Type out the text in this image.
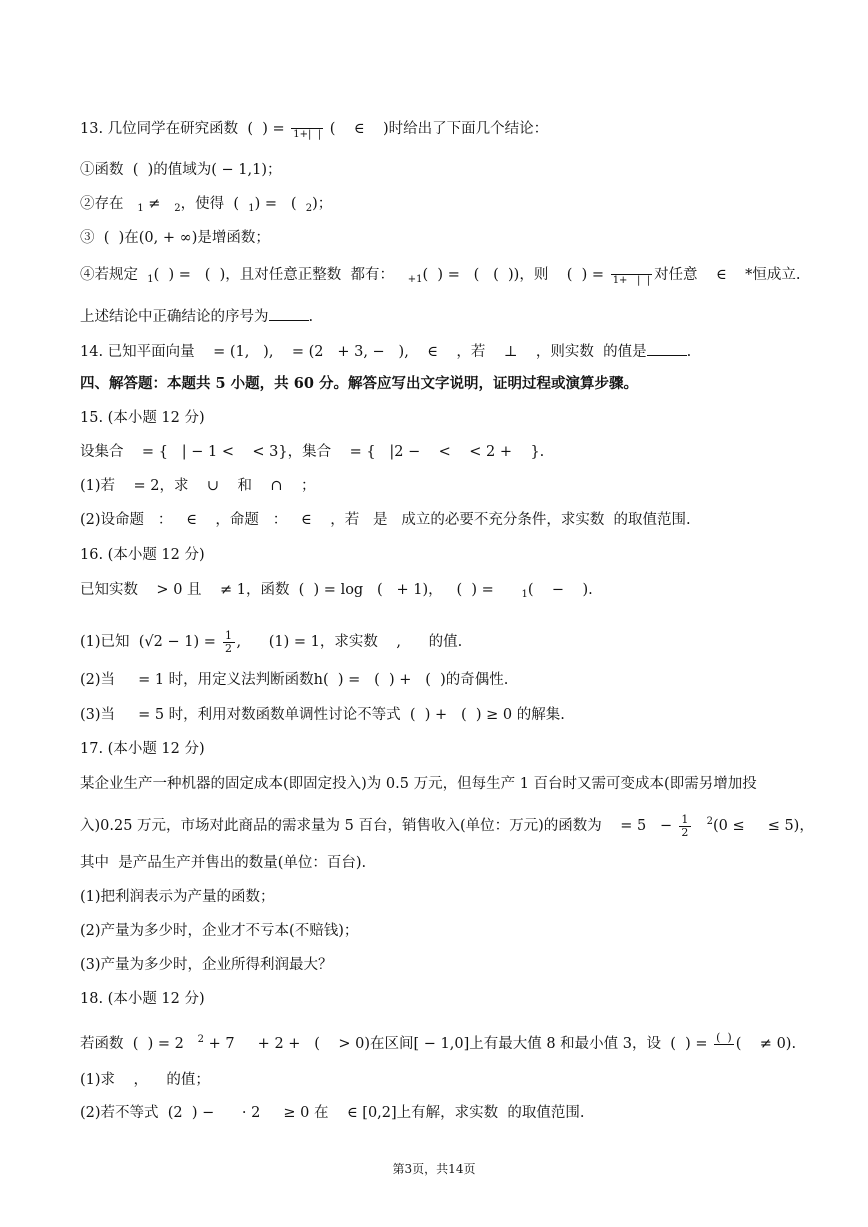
13. 几位同学在研究函数  (  ) = 1+|  | (    ∈    )时给出了下面几个结论：
①函数  (  )的值域为( − 1,1)；
②存在   $_1$ ≠   $_2$，使得  (  $_1$) =   (  $_2$)；
③  (  )在(0, + ∞)是增函数；
④若规定  $_1$(  ) =   (  )，且对任意正整数  都有：   $_{+1}$(  ) =   (   (  ))，则    (  ) = 1+   |  | 对任意    ∈    *恒成立.
上述结论中正确结论的序号为	.
14. 已知平面向量    = (1,   ),    = (2   + 3, −   ),    ∈    ，若    ⊥    ，则实数  的值是	.
四、解答题：本题共 5 小题，共 60 分。解答应写出文字说明，证明过程或演算步骤。
15. (本小题 12 分)
设集合    = {   | − 1 <    < 3}，集合    = {   |2 −    <    < 2 +    }.
(1)若    = 2，求    ∪    和    ∩    ；
(2)设命题   ：   ∈    ，命题   ：   ∈    ，若   是   成立的必要不充分条件，求实数  的取值范围.
16. (本小题 12 分)
已知实数    > 0 且    ≠ 1，函数  (  ) = log   (   + 1)，   (  ) =      $_1$(    −    ).
(1)已知  $(√2 - 1) = \frac{1}{2}$ ,      (1) = 1，求实数    ,      的值.
(2)当     = 1 时，用定义法判断函数h(  ) =   (  ) +   (  )的奇偶性.
(3)当     = 5 时，利用对数函数单调性讨论不等式  (  ) +   (  ) ≥ 0 的解集.
17. (本小题 12 分)
某企业生产一种机器的固定成本(即固定投入)为 0.5 万元，但每生产 1 百台时又需可变成本(即需另增加投
入)0.25 万元，市场对此商品的需求量为 5 百台，销售收入(单位：万元)的函数为    = $5 - \frac{1}{2} ^2(0$ ≤     ≤ 5)，
其中  是产品生产并售出的数量(单位：百台).
(1)把利润表示为产量的函数；
(2)产量为多少时，企业才不亏本(不赔钱)；
(3)产量为多少时，企业所得利润最大？
18. (本小题 12 分)
若函数  (  ) = 2   $^2$ + 7     + 2 +   (    > 0)在区间[ − 1,0]上有最大值 8 和最小值 3，设  (  ) = (  )
(    ≠ 0).
(1)求    ，    的值；
(2)若不等式  (2  ) −      · 2     ≥ 0 在    ∈ [0,2]上有解，求实数  的取值范围.
第3页，共14页
